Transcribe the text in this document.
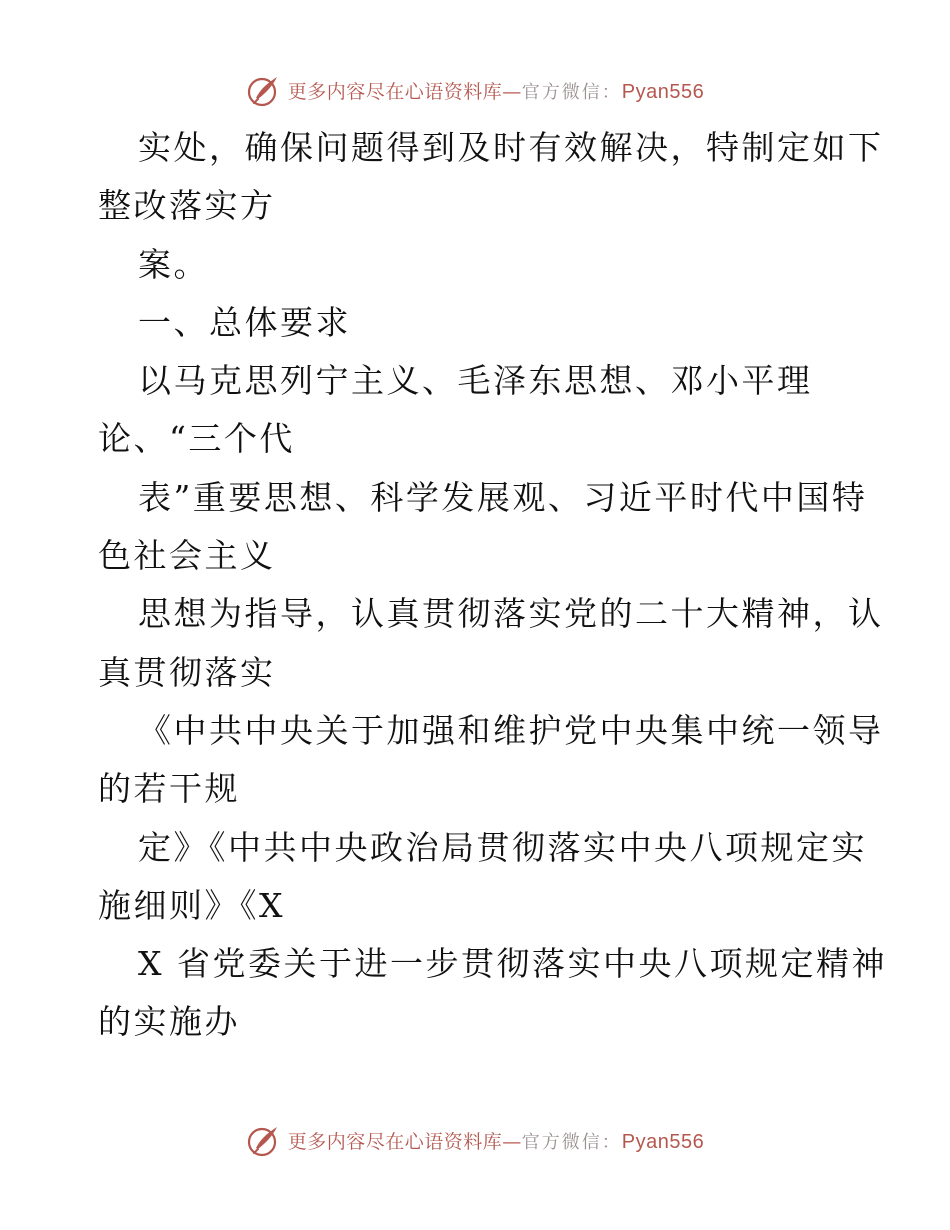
更多内容尽在心语资料库—官方微信：Pyan556
实处，确保问题得到及时有效解决，特制定如下
整改落实方
案。
一、总体要求
以马克思列宁主义、毛泽东思想、邓小平理
论、“三个代
表”重要思想、科学发展观、习近平时代中国特
色社会主义
思想为指导，认真贯彻落实党的二十大精神，认
真贯彻落实
《中共中央关于加强和维护党中央集中统一领导
的若干规
定》《中共中央政治局贯彻落实中央八项规定实
施细则》《X
X 省党委关于进一步贯彻落实中央八项规定精神
的实施办
更多内容尽在心语资料库—官方微信：Pyan556
